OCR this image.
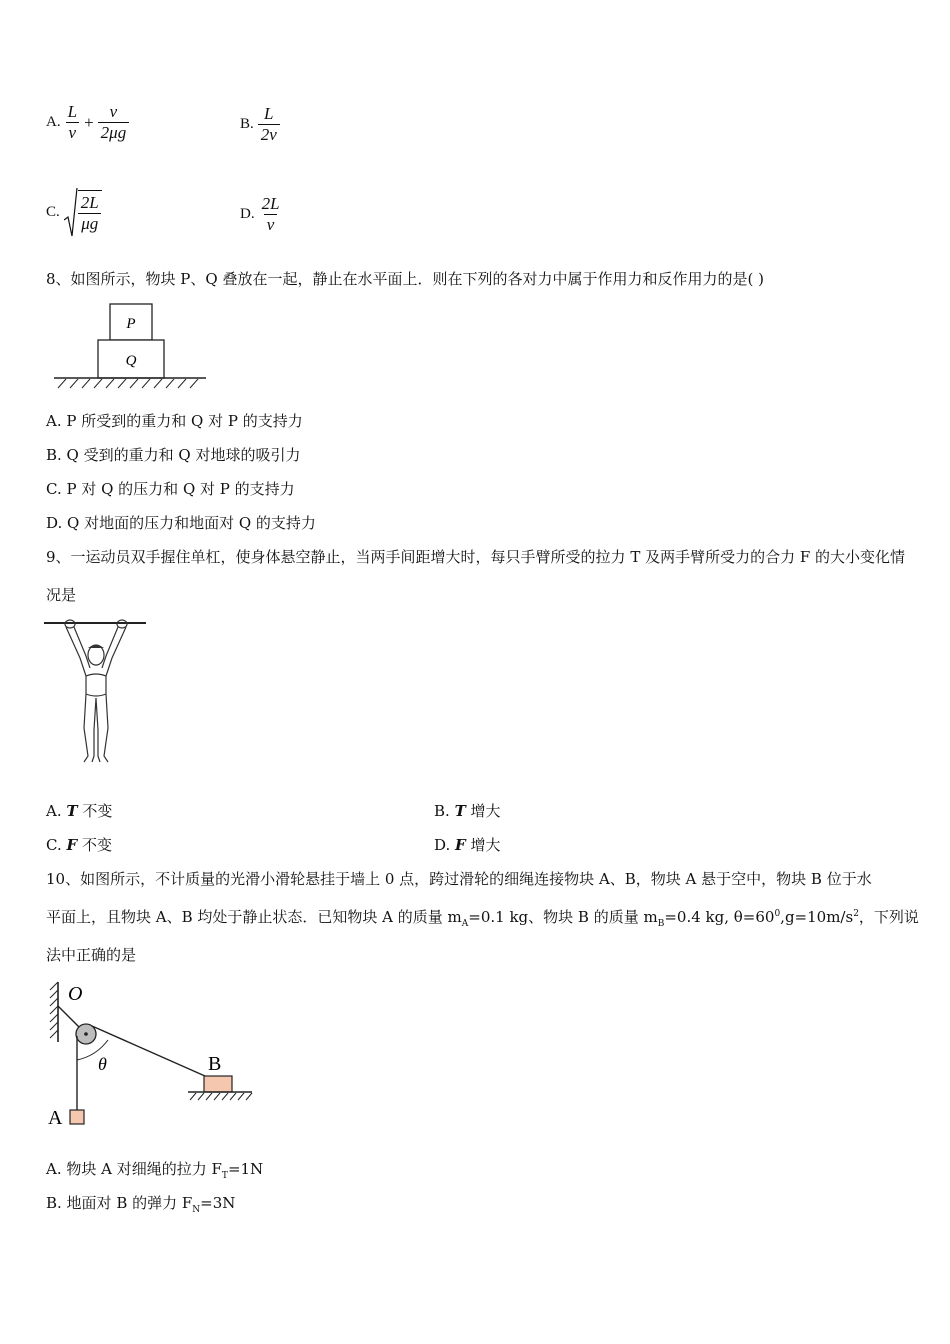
A. $\frac{L}{v} + \frac{v}{2\mu g}$	B. $\frac{L}{2v}$
C. $\frac{2L}{\mu g}$	D. $\frac{2L}{v}$
8、如图所示，物块 P、Q 叠放在一起，静止在水平面上．则在下列的各对力中属于作用力和反作用力的是( )
P
Q
A. P 所受到的重力和 Q 对 P 的支持力
B. Q 受到的重力和 Q 对地球的吸引力
C. P 对 Q 的压力和 Q 对 P 的支持力
D. Q 对地面的压力和地面对 Q 的支持力
9、一运动员双手握住单杠，使身体悬空静止，当两手间距增大时，每只手臂所受的拉力 T 及两手臂所受力的合力 F 的大小变化情况是
A. T 不变	B. T 增大
C. F 不变	D. F 增大
10、如图所示，不计质量的光滑小滑轮悬挂于墙上 0 点，跨过滑轮的细绳连接物块 A、B，物块 A 悬于空中，物块 B 位于水
平面上，且物块 A、B 均处于静止状态．已知物块 A 的质量 $m_A=0.1$ kg、物块 B 的质量 $m_B=0.4$ kg, $\theta=60^0,g=10m/s^2$，下列说
法中正确的是
O
θ
A
B
A. 物块 A 对细绳的拉力 $F_T=1N$
B. 地面对 B 的弹力 $F_N=3N$
